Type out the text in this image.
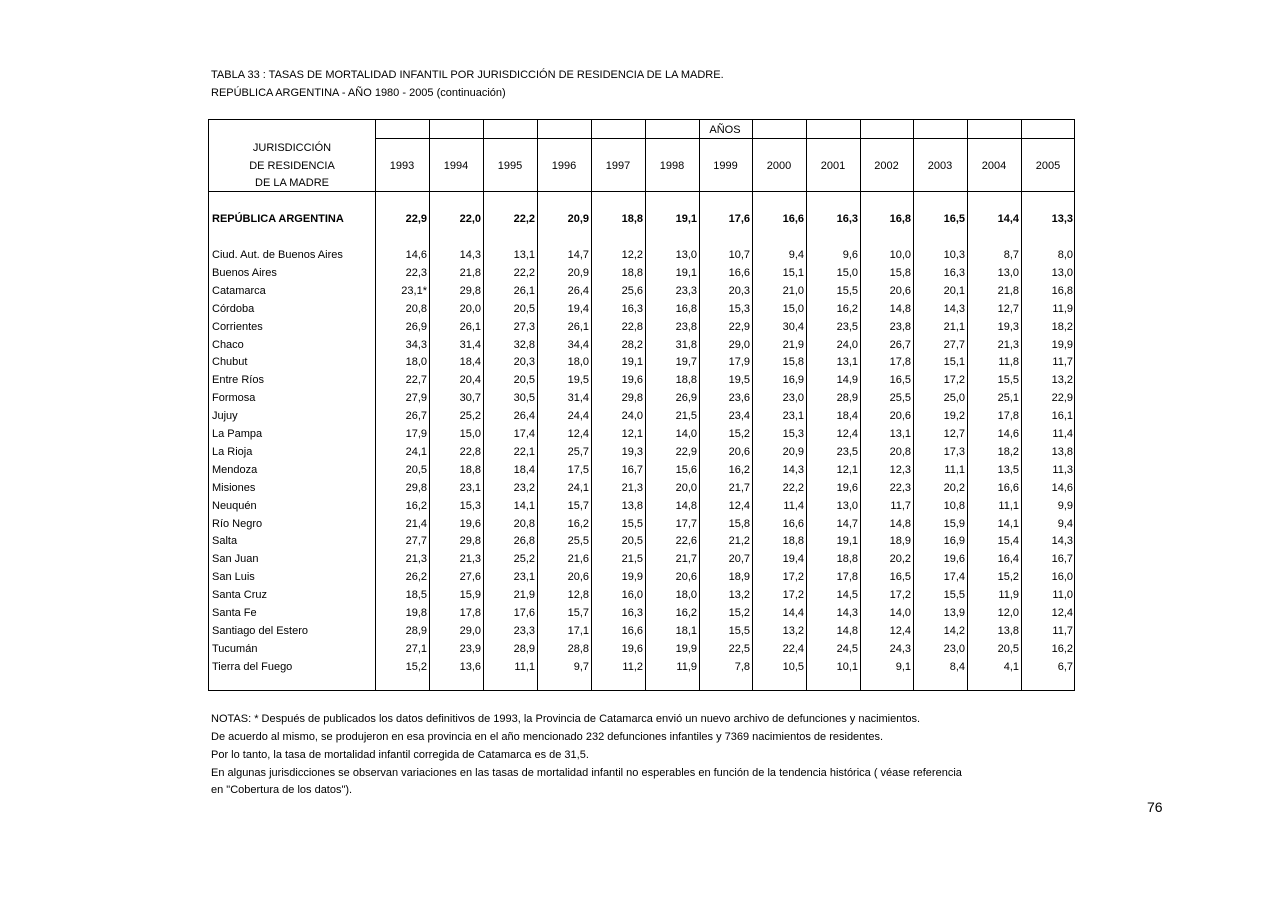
TABLA 33 : TASAS DE MORTALIDAD INFANTIL POR JURISDICCIÓN DE RESIDENCIA DE LA MADRE.
REPÚBLICA ARGENTINA - AÑO 1980 - 2005 (continuación)
AÑOS
JURISDICCIÓN
DE RESIDENCIA
DE LA MADRE
1993	1994	1995	1996	1997	1998	1999	2000	2001	2002	2003	2004	2005
REPÚBLICA ARGENTINA	22,9	22,0	22,2	20,9	18,8	19,1	17,6	16,6	16,3	16,8	16,5	14,4	13,3
Ciud. Aut. de Buenos Aires	14,6	14,3	13,1	14,7	12,2	13,0	10,7	9,4	9,6	10,0	10,3	8,7	8,0
Buenos Aires	22,3	21,8	22,2	20,9	18,8	19,1	16,6	15,1	15,0	15,8	16,3	13,0	13,0
Catamarca	23,1*	29,8	26,1	26,4	25,6	23,3	20,3	21,0	15,5	20,6	20,1	21,8	16,8
Córdoba	20,8	20,0	20,5	19,4	16,3	16,8	15,3	15,0	16,2	14,8	14,3	12,7	11,9
Corrientes	26,9	26,1	27,3	26,1	22,8	23,8	22,9	30,4	23,5	23,8	21,1	19,3	18,2
Chaco	34,3	31,4	32,8	34,4	28,2	31,8	29,0	21,9	24,0	26,7	27,7	21,3	19,9
Chubut	18,0	18,4	20,3	18,0	19,1	19,7	17,9	15,8	13,1	17,8	15,1	11,8	11,7
Entre Ríos	22,7	20,4	20,5	19,5	19,6	18,8	19,5	16,9	14,9	16,5	17,2	15,5	13,2
Formosa	27,9	30,7	30,5	31,4	29,8	26,9	23,6	23,0	28,9	25,5	25,0	25,1	22,9
Jujuy	26,7	25,2	26,4	24,4	24,0	21,5	23,4	23,1	18,4	20,6	19,2	17,8	16,1
La Pampa	17,9	15,0	17,4	12,4	12,1	14,0	15,2	15,3	12,4	13,1	12,7	14,6	11,4
La Rioja	24,1	22,8	22,1	25,7	19,3	22,9	20,6	20,9	23,5	20,8	17,3	18,2	13,8
Mendoza	20,5	18,8	18,4	17,5	16,7	15,6	16,2	14,3	12,1	12,3	11,1	13,5	11,3
Misiones	29,8	23,1	23,2	24,1	21,3	20,0	21,7	22,2	19,6	22,3	20,2	16,6	14,6
Neuquén	16,2	15,3	14,1	15,7	13,8	14,8	12,4	11,4	13,0	11,7	10,8	11,1	9,9
Río Negro	21,4	19,6	20,8	16,2	15,5	17,7	15,8	16,6	14,7	14,8	15,9	14,1	9,4
Salta	27,7	29,8	26,8	25,5	20,5	22,6	21,2	18,8	19,1	18,9	16,9	15,4	14,3
San Juan	21,3	21,3	25,2	21,6	21,5	21,7	20,7	19,4	18,8	20,2	19,6	16,4	16,7
San Luis	26,2	27,6	23,1	20,6	19,9	20,6	18,9	17,2	17,8	16,5	17,4	15,2	16,0
Santa Cruz	18,5	15,9	21,9	12,8	16,0	18,0	13,2	17,2	14,5	17,2	15,5	11,9	11,0
Santa Fe	19,8	17,8	17,6	15,7	16,3	16,2	15,2	14,4	14,3	14,0	13,9	12,0	12,4
Santiago del Estero	28,9	29,0	23,3	17,1	16,6	18,1	15,5	13,2	14,8	12,4	14,2	13,8	11,7
Tucumán	27,1	23,9	28,9	28,8	19,6	19,9	22,5	22,4	24,5	24,3	23,0	20,5	16,2
Tierra del Fuego	15,2	13,6	11,1	9,7	11,2	11,9	7,8	10,5	10,1	9,1	8,4	4,1	6,7
NOTAS: * Después de publicados los datos definitivos de 1993, la Provincia de Catamarca envió un nuevo archivo de defunciones y nacimientos.
De acuerdo al mismo, se produjeron en esa provincia en el año mencionado 232 defunciones infantiles y 7369 nacimientos de residentes.
Por lo tanto, la tasa de mortalidad infantil corregida de Catamarca es de 31,5.
En algunas jurisdicciones se observan variaciones en las tasas de mortalidad infantil no esperables en función de la tendencia histórica ( véase referencia
en "Cobertura de los datos").
76
